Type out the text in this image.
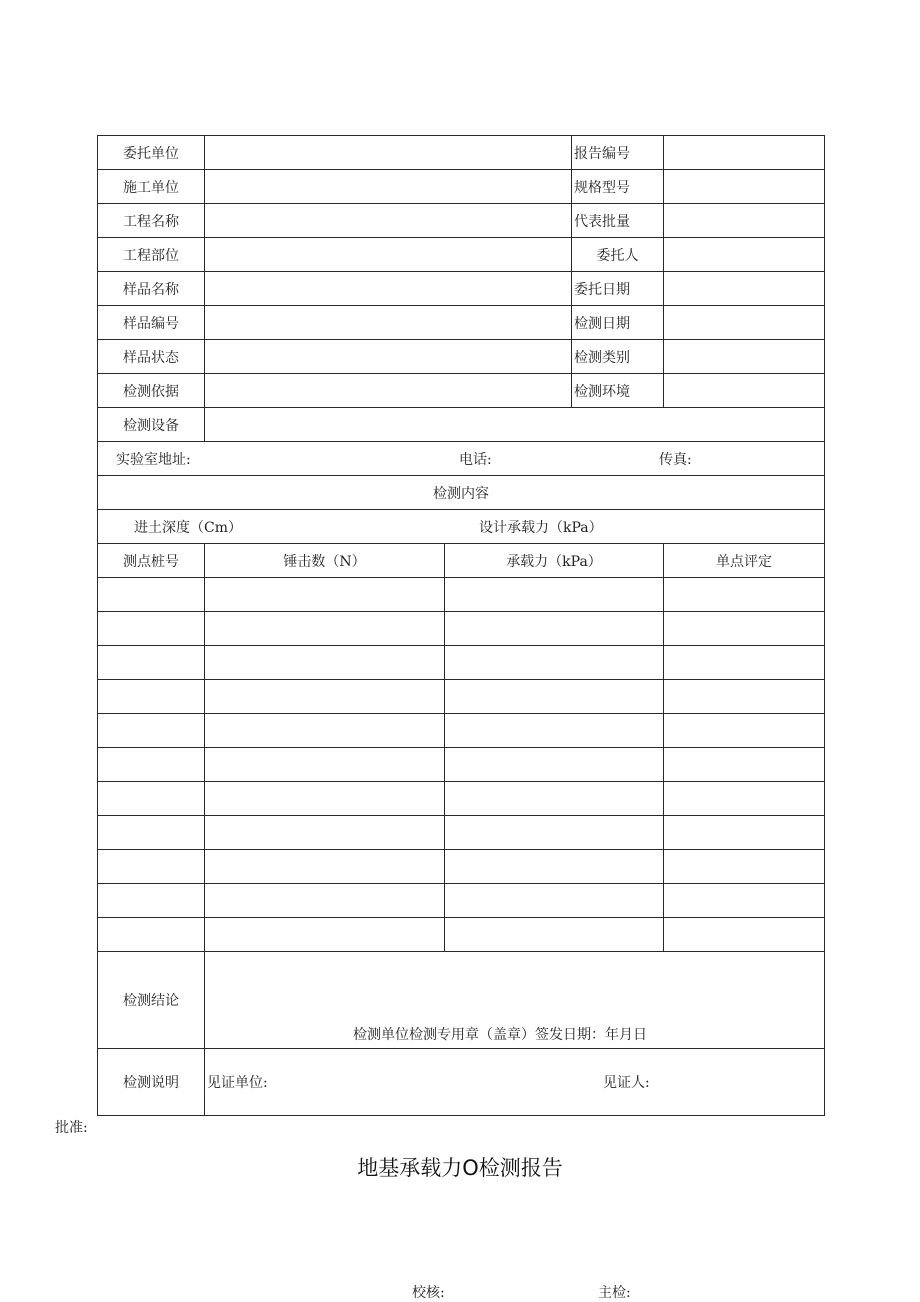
委托单位			报告编号	
施工单位			规格型号	
工程名称			代表批量	
工程部位			委托人	
样品名称			委托日期	
样品编号			检测日期	
样品状态			检测类别	
检测依据			检测环境	
检测设备				

实验室地址: 电话: 传真:				

检测内容				

进土深度（Cm） 设计承载力（kPa）				

测点桩号	锤击数（N）	承载力（kPa）		单点评定

检测结论	检测单位检测专用章（盖章）签发日期：年月日			

检测说明	见证单位: 见证人:			
批准:
地基承载力O检测报告
校核:	主检:
